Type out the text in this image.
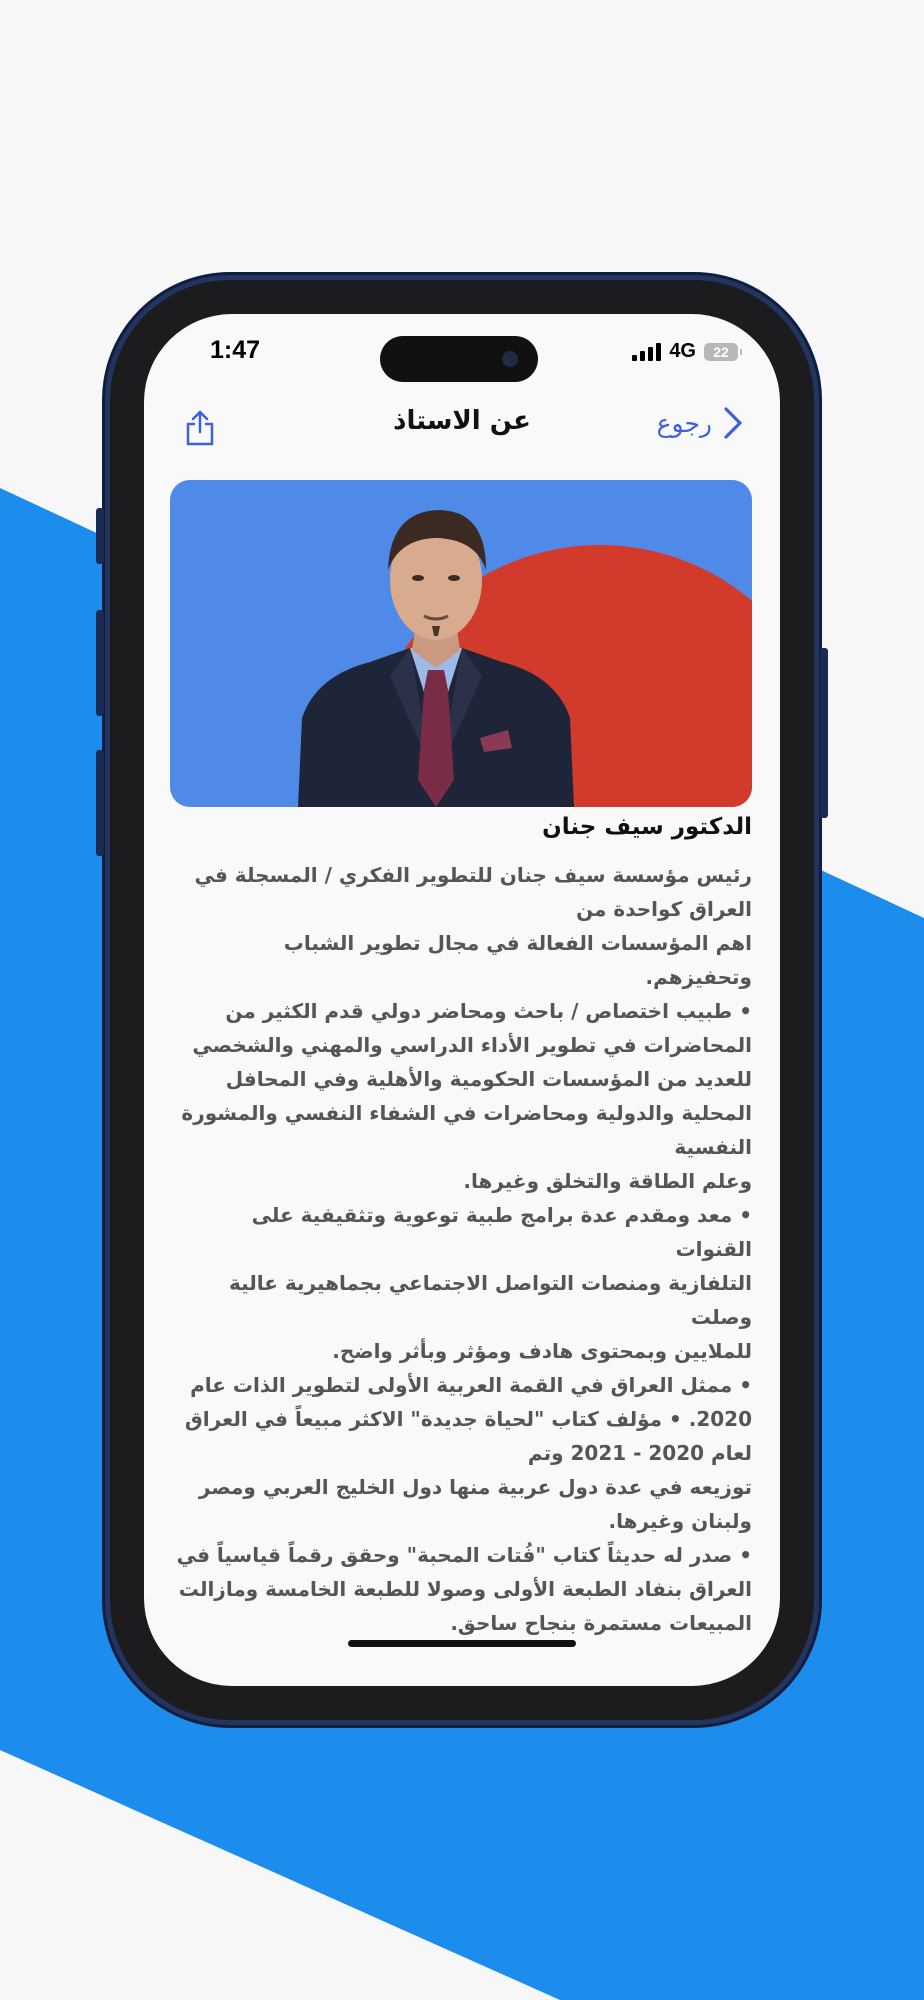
1:47	4G	22
عن الاستاذ	رجوع
الدكتور سيف جنان

رئيس مؤسسة سيف جنان للتطوير الفكري / المسجلة في

العراق كواحدة من

اهم المؤسسات الفعالة في مجال تطوير الشباب وتحفيزهم.

• طبيب اختصاص / باحث ومحاضر دولي قدم الكثير من

المحاضرات في تطوير الأداء الدراسي والمهني والشخصي

للعديد من المؤسسات الحكومية والأهلية وفي المحافل

المحلية والدولية ومحاضرات في الشفاء النفسي والمشورة

النفسية

وعلم الطاقة والتخلق وغيرها.

• معد ومقدم عدة برامج طبية توعوية وتثقيفية على القنوات

التلفازية ومنصات التواصل الاجتماعي بجماهيرية عالية وصلت

للملايين وبمحتوى هادف ومؤثر وبأثر واضح.

• ممثل العراق في القمة العربية الأولى لتطوير الذات عام

2020. • مؤلف كتاب "لحياة جديدة" الاكثر مبيعاً في العراق

لعام 2020 - 2021 وتم

توزيعه في عدة دول عربية منها دول الخليج العربي ومصر

ولبنان وغيرها.

• صدر له حديثاً كتاب "فُتات المحبة" وحقق رقماً قياسياً في

العراق بنفاد الطبعة الأولى وصولا للطبعة الخامسة ومازالت

المبيعات مستمرة بنجاح ساحق.
